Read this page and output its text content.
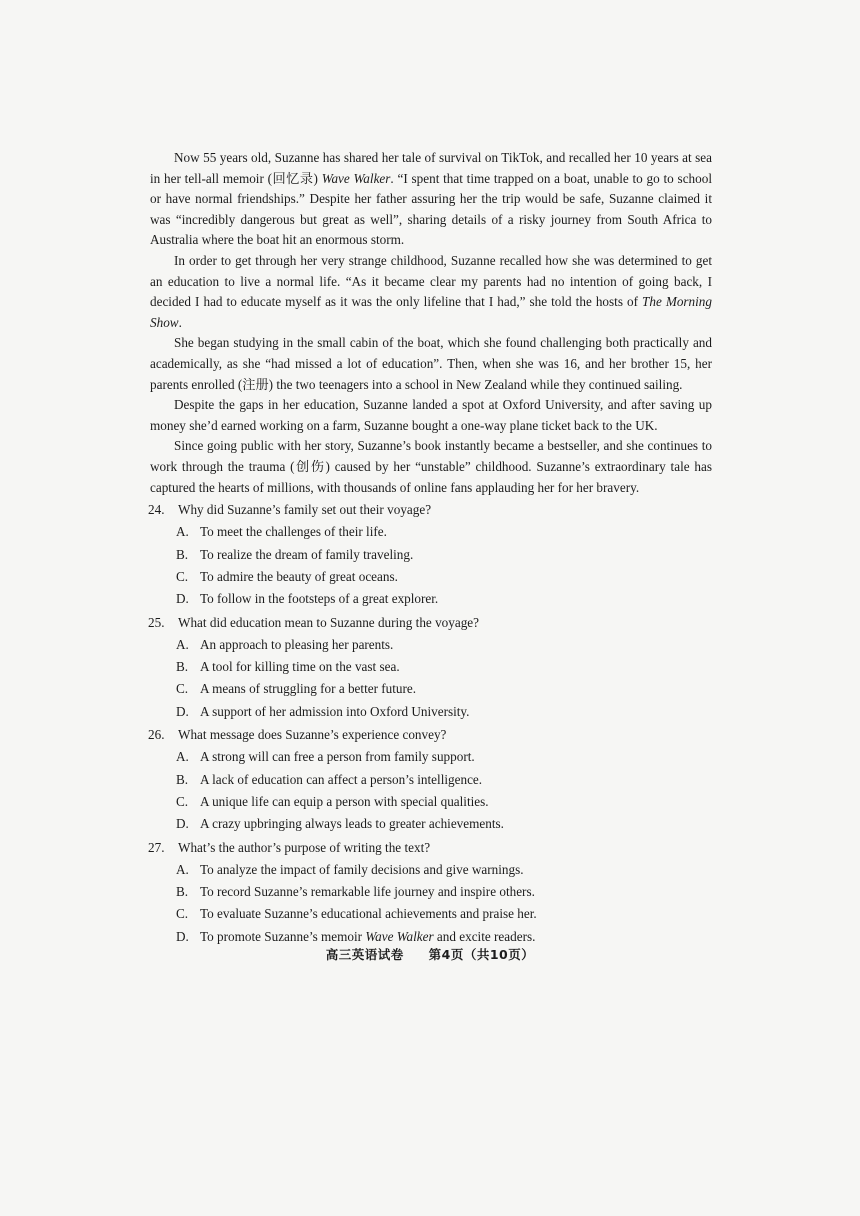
Now 55 years old, Suzanne has shared her tale of survival on TikTok, and recalled her 10 years at sea in her tell-all memoir (回忆录) Wave Walker. “I spent that time trapped on a boat, unable to go to school or have normal friendships.” Despite her father assuring her the trip would be safe, Suzanne claimed it was “incredibly dangerous but great as well”, sharing details of a risky journey from South Africa to Australia where the boat hit an enormous storm.

In order to get through her very strange childhood, Suzanne recalled how she was determined to get an education to live a normal life. “As it became clear my parents had no intention of going back, I decided I had to educate myself as it was the only lifeline that I had,” she told the hosts of The Morning Show.

She began studying in the small cabin of the boat, which she found challenging both practically and academically, as she “had missed a lot of education”. Then, when she was 16, and her brother 15, her parents enrolled (注册) the two teenagers into a school in New Zealand while they continued sailing.

Despite the gaps in her education, Suzanne landed a spot at Oxford University, and after saving up money she’d earned working on a farm, Suzanne bought a one-way plane ticket back to the UK.

Since going public with her story, Suzanne’s book instantly became a bestseller, and she continues to work through the trauma (创伤) caused by her “unstable” childhood. Suzanne’s extraordinary tale has captured the hearts of millions, with thousands of online fans applauding her for her bravery.

24. Why did Suzanne’s family set out their voyage?
A. To meet the challenges of their life.
B. To realize the dream of family traveling.
C. To admire the beauty of great oceans.
D. To follow in the footsteps of a great explorer.
25. What did education mean to Suzanne during the voyage?
A. An approach to pleasing her parents.
B. A tool for killing time on the vast sea.
C. A means of struggling for a better future.
D. A support of her admission into Oxford University.
26. What message does Suzanne’s experience convey?
A. A strong will can free a person from family support.
B. A lack of education can affect a person’s intelligence.
C. A unique life can equip a person with special qualities.
D. A crazy upbringing always leads to greater achievements.
27. What’s the author’s purpose of writing the text?
A. To analyze the impact of family decisions and give warnings.
B. To record Suzanne’s remarkable life journey and inspire others.
C. To evaluate Suzanne’s educational achievements and praise her.
D. To promote Suzanne’s memoir Wave Walker and excite readers.
高三英语试卷 第4页（共10页）
